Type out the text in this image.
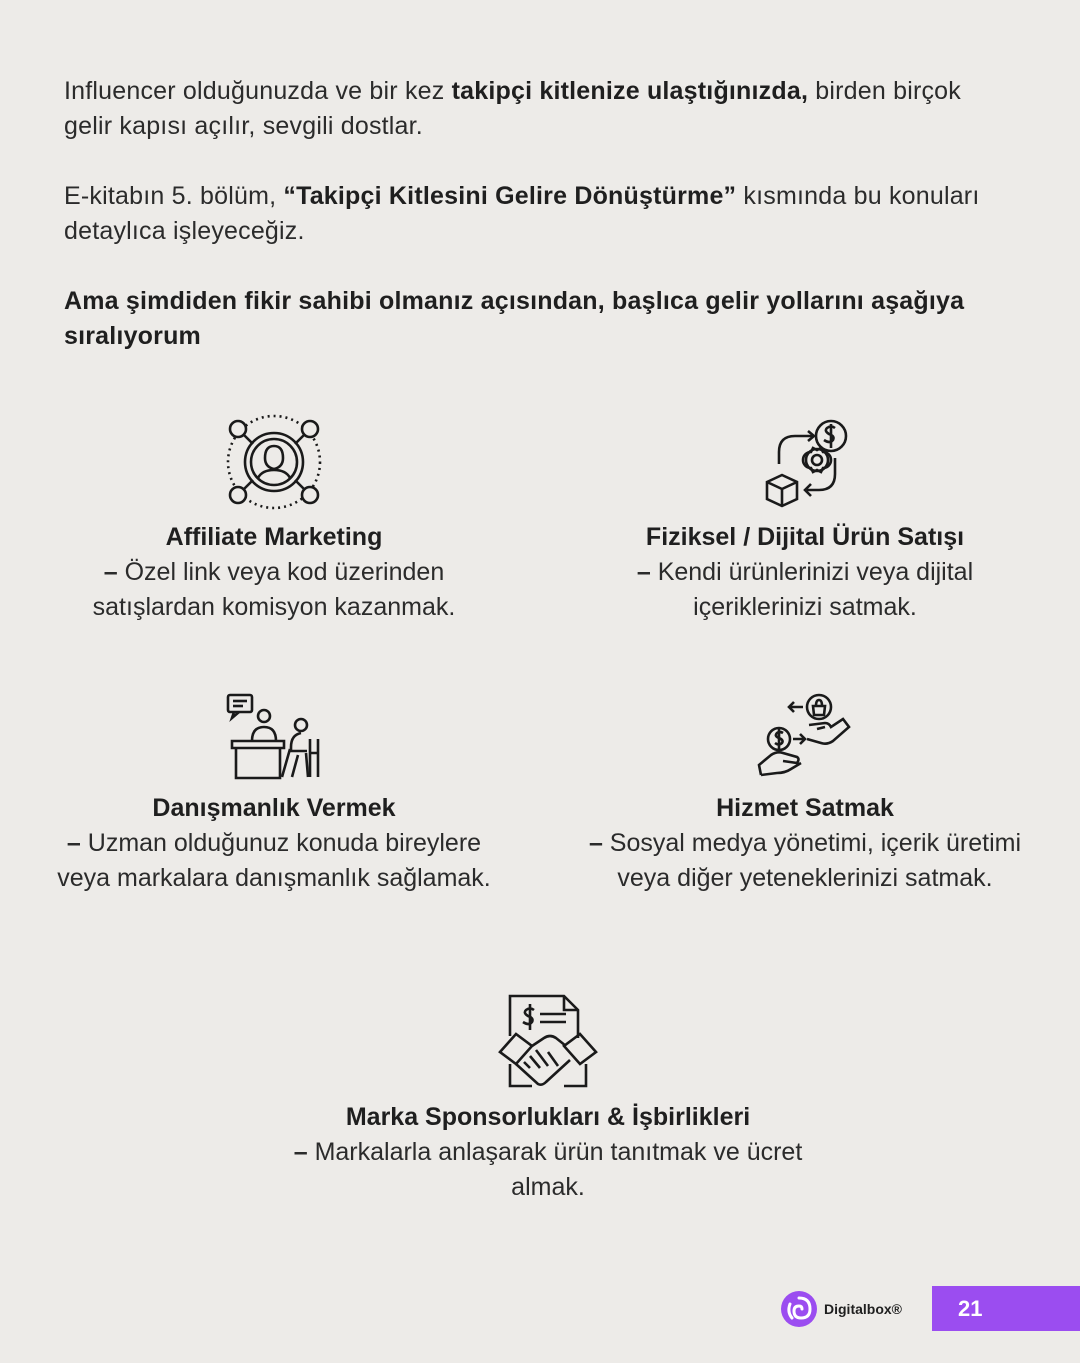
Influencer olduğunuzda ve bir kez takipçi kitlenize ulaştığınızda, birden birçok gelir kapısı açılır, sevgili dostlar.

E-kitabın 5. bölüm, “Takipçi Kitlesini Gelire Dönüştürme” kısmında bu konuları detaylıca işleyeceğiz.

Ama şimdiden fikir sahibi olmanız açısından, başlıca gelir yollarını aşağıya sıralıyorum

Affiliate Marketing
– Özel link veya kod üzerinden satışlardan komisyon kazanmak.
Fiziksel / Dijital Ürün Satışı
– Kendi ürünlerinizi veya dijital içeriklerinizi satmak.
Danışmanlık Vermek
– Uzman olduğunuz konuda bireylere veya markalara danışmanlık sağlamak.
Hizmet Satmak
– Sosyal medya yönetimi, içerik üretimi veya diğer yeteneklerinizi satmak.
Marka Sponsorlukları & İşbirlikleri
– Markalarla anlaşarak ürün tanıtmak ve ücret almak.
Digitalbox®	21
